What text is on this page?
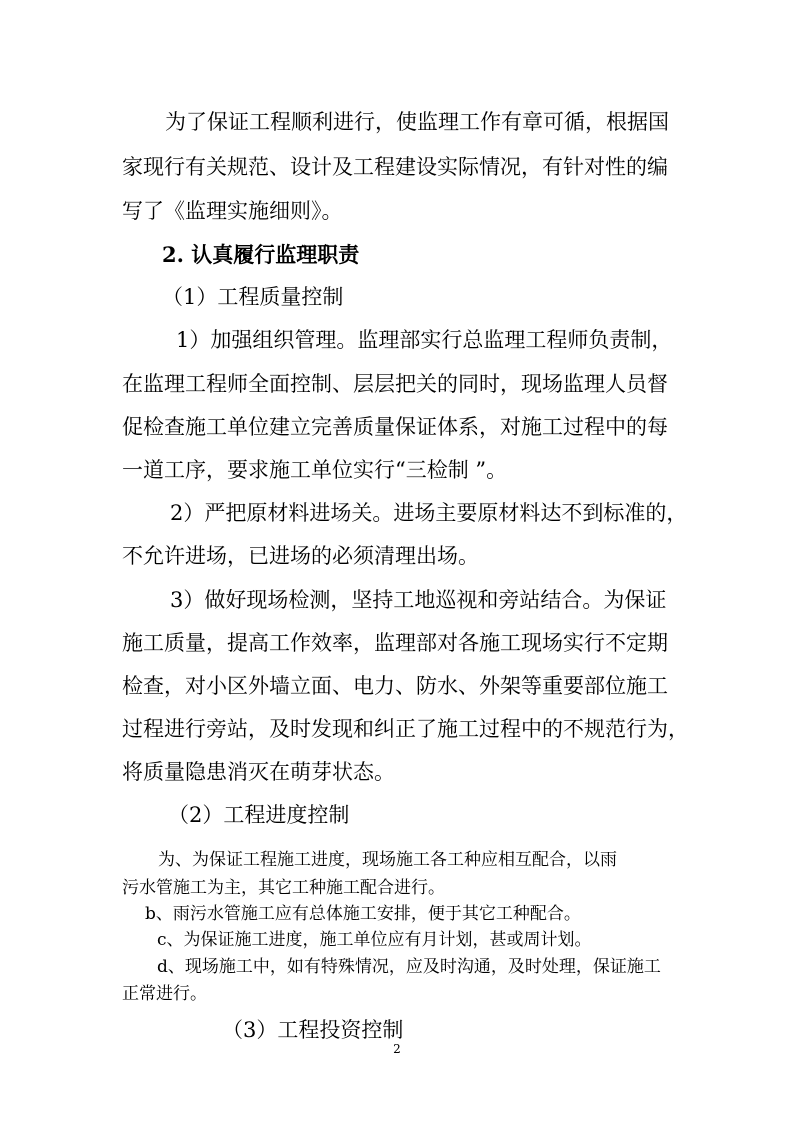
为了保证工程顺利进行，使监理工作有章可循，根据国

家现行有关规范、设计及工程建设实际情况，有针对性的编

写了《监理实施细则》。

2. 认真履行监理职责

（1）工程质量控制

1）加强组织管理。监理部实行总监理工程师负责制，

在监理工程师全面控制、层层把关的同时，现场监理人员督

促检查施工单位建立完善质量保证体系，对施工过程中的每

一道工序，要求施工单位实行“三检制 ”。

2）严把原材料进场关。进场主要原材料达不到标准的，

不允许进场，已进场的必须清理出场。

3）做好现场检测，坚持工地巡视和旁站结合。为保证

施工质量，提高工作效率，监理部对各施工现场实行不定期

检查，对小区外墙立面、电力、防水、外架等重要部位施工

过程进行旁站，及时发现和纠正了施工过程中的不规范行为，

将质量隐患消灭在萌芽状态。

（2）工程进度控制

为、为保证工程施工进度，现场施工各工种应相互配合，以雨

污水管施工为主，其它工种施工配合进行。

b、雨污水管施工应有总体施工安排，便于其它工种配合。

c、为保证施工进度，施工单位应有月计划，甚或周计划。

d、现场施工中，如有特殊情况，应及时沟通，及时处理，保证施工

正常进行。

（3）工程投资控制

2
